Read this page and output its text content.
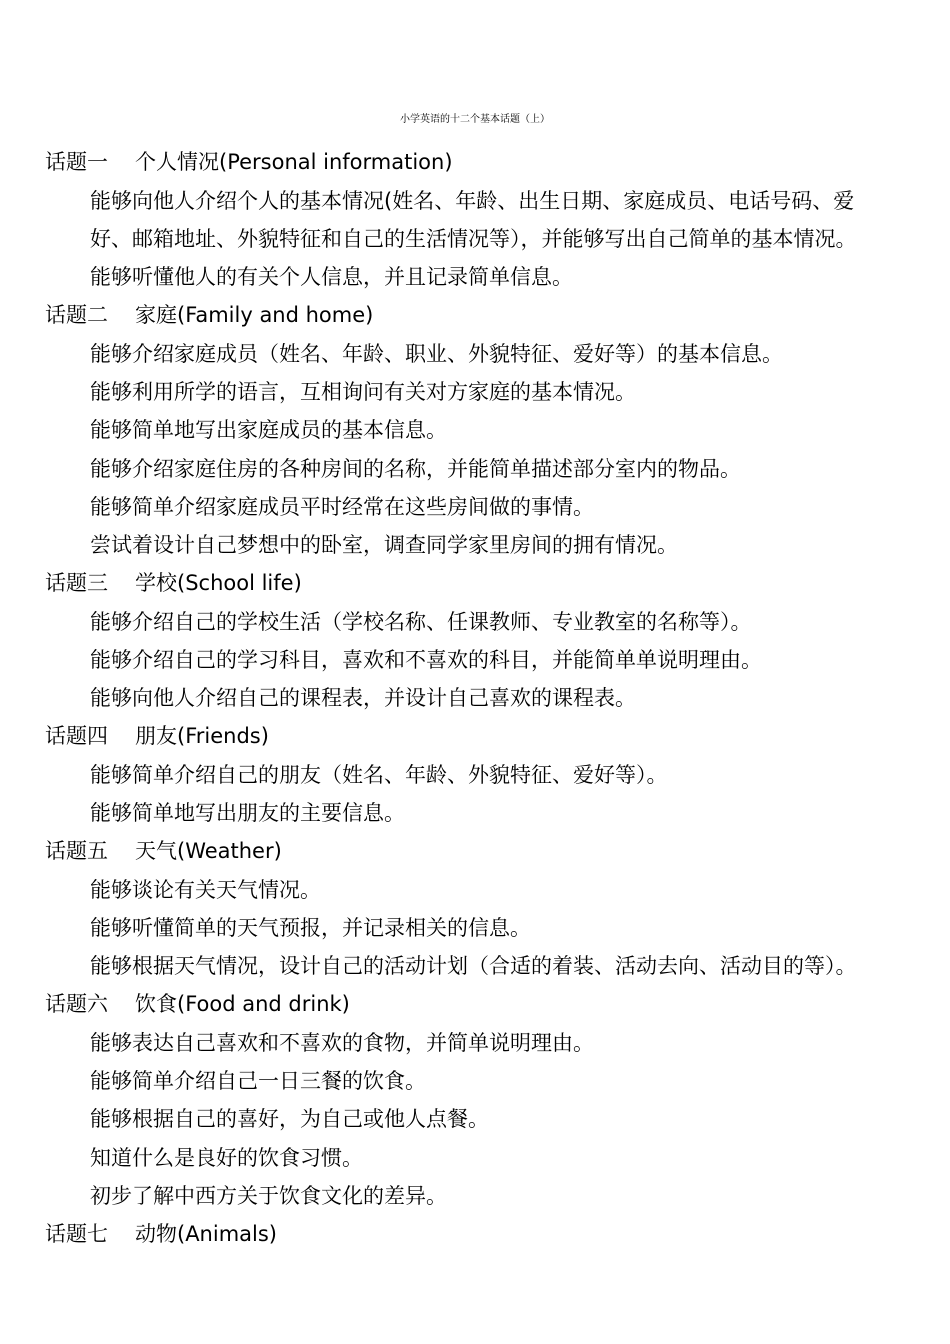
小学英语的十二个基本话题（上）
话题一 个人情况(Personal information)
能够向他人介绍个人的基本情况(姓名、年龄、出生日期、家庭成员、电话号码、爱
好、邮箱地址、外貌特征和自己的生活情况等），并能够写出自己简单的基本情况。
能够听懂他人的有关个人信息，并且记录简单信息。
话题二 家庭(Family and home)
能够介绍家庭成员（姓名、年龄、职业、外貌特征、爱好等）的基本信息。
能够利用所学的语言，互相询问有关对方家庭的基本情况。
能够简单地写出家庭成员的基本信息。
能够介绍家庭住房的各种房间的名称，并能简单描述部分室内的物品。
能够简单介绍家庭成员平时经常在这些房间做的事情。
尝试着设计自己梦想中的卧室，调查同学家里房间的拥有情况。
话题三 学校(School life)
能够介绍自己的学校生活（学校名称、任课教师、专业教室的名称等）。
能够介绍自己的学习科目，喜欢和不喜欢的科目，并能简单单说明理由。
能够向他人介绍自己的课程表，并设计自己喜欢的课程表。
话题四 朋友(Friends)
能够简单介绍自己的朋友（姓名、年龄、外貌特征、爱好等）。
能够简单地写出朋友的主要信息。
话题五 天气(Weather)
能够谈论有关天气情况。
能够听懂简单的天气预报，并记录相关的信息。
能够根据天气情况，设计自己的活动计划（合适的着装、活动去向、活动目的等）。
话题六 饮食(Food and drink)
能够表达自己喜欢和不喜欢的食物，并简单说明理由。
能够简单介绍自己一日三餐的饮食。
能够根据自己的喜好，为自己或他人点餐。
知道什么是良好的饮食习惯。
初步了解中西方关于饮食文化的差异。
话题七 动物(Animals)
